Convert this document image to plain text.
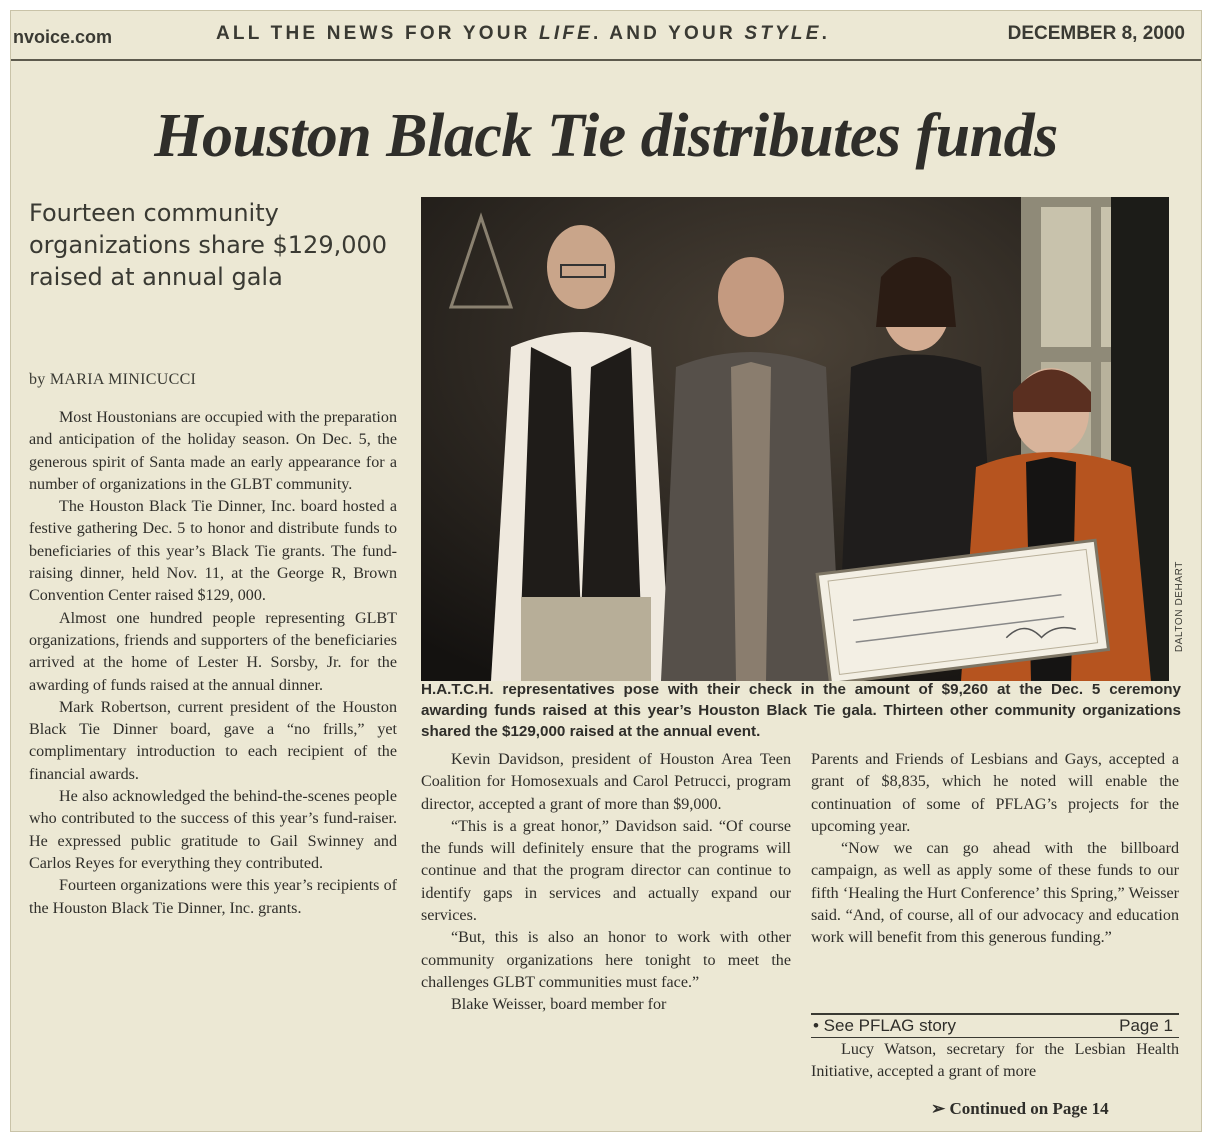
nvoice.com	ALL THE NEWS FOR YOUR LIFE. AND YOUR STYLE.	DECEMBER 8, 2000
Houston Black Tie distributes funds
Fourteen community organizations share $129,000 raised at annual gala
by MARIA MINICUCCI

Most Houstonians are occupied with the preparation and anticipation of the holiday season. On Dec. 5, the generous spirit of Santa made an early appearance for a number of organizations in the GLBT community.

The Houston Black Tie Dinner, Inc. board hosted a festive gathering Dec. 5 to honor and distribute funds to beneficiaries of this year’s Black Tie grants. The fund-raising dinner, held Nov. 11, at the George R, Brown Convention Center raised $129, 000.

Almost one hundred people representing GLBT organizations, friends and supporters of the beneficiaries arrived at the home of Lester H. Sorsby, Jr. for the awarding of funds raised at the annual dinner.

Mark Robertson, current president of the Houston Black Tie Dinner board, gave a “no frills,” yet complimentary introduction to each recipient of the financial awards.

He also acknowledged the behind-the-scenes people who contributed to the success of this year’s fund-raiser. He expressed public gratitude to Gail Swinney and Carlos Reyes for everything they contributed.

Fourteen organizations were this year’s recipients of the Houston Black Tie Dinner, Inc. grants.

DALTON DEHART
H.A.T.C.H. representatives pose with their check in the amount of $9,260 at the Dec. 5 ceremony awarding funds raised at this year’s Houston Black Tie gala. Thirteen other community organizations shared the $129,000 raised at the annual event.

Kevin Davidson, president of Houston Area Teen Coalition for Homosexuals and Carol Petrucci, program director, accepted a grant of more than $9,000.

“This is a great honor,” Davidson said. “Of course the funds will definitely ensure that the programs will continue and that the program director can continue to identify gaps in services and actually expand our services.

“But, this is also an honor to work with other community organizations here tonight to meet the challenges GLBT communities must face.”

Blake Weisser, board member for

Parents and Friends of Lesbians and Gays, accepted a grant of $8,835, which he noted will enable the continuation of some of PFLAG’s projects for the upcoming year.

“Now we can go ahead with the billboard campaign, as well as apply some of these funds to our fifth ‘Healing the Hurt Conference’ this Spring,” Weisser said. “And, of course, all of our advocacy and education work will benefit from this generous funding.”

• See PFLAG story	Page 1

Lucy Watson, secretary for the Lesbian Health Initiative, accepted a grant of more

➢ Continued on Page 14
